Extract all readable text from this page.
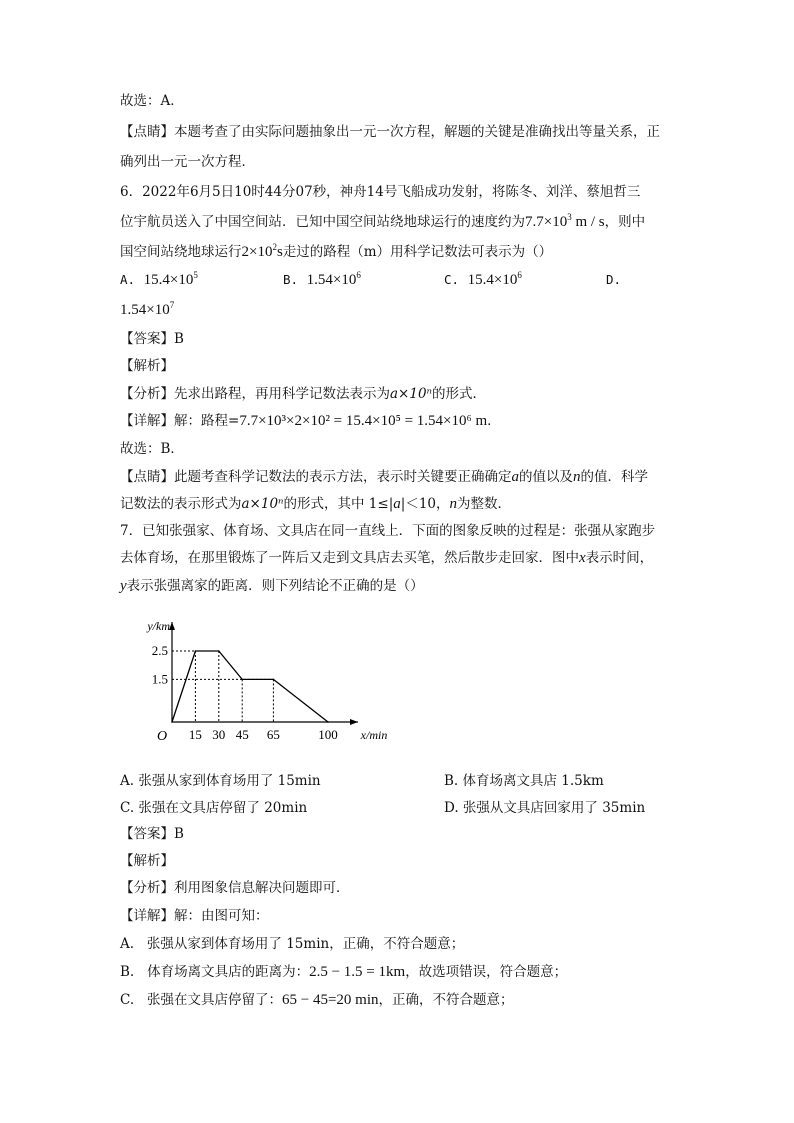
故选：A．
【点睛】本题考查了由实际问题抽象出一元一次方程，解题的关键是准确找出等量关系，正
确列出一元一次方程．
6．2022年6月5日10时44分07秒，神舟14号飞船成功发射，将陈冬、刘洋、蔡旭哲三
位宇航员送入了中国空间站．已知中国空间站绕地球运行的速度约为$7.7\times 10^3$ m / s，则中
国空间站绕地球运行$2\times 10^2s$走过的路程（m）用科学记数法可表示为（）
A. $15.4\times 10^5$	B. $1.54\times 10^6$	C. $15.4\times 10^6$	D.
$1.54\times 10^7$
【答案】B
【解析】
【分析】先求出路程，再用科学记数法表示为a×10ⁿ的形式．
【详解】解：路程=7.7×10³×2×10² = 15.4×10⁵ = 1.54×10⁶ m．
故选：B．
【点睛】此题考查科学记数法的表示方法，表示时关键要正确确定a的值以及n的值．科学
记数法的表示形式为a×10ⁿ的形式，其中 1≤|a|＜10，n为整数．
7．已知张强家、体育场、文具店在同一直线上．下面的图象反映的过程是：张强从家跑步
去体育场，在那里锻炼了一阵后又走到文具店去买笔，然后散步走回家．图中x表示时间，
y表示张强离家的距离．则下列结论不正确的是（）
15 30 45 65	100
2.5
1.5
O
y/km
x/min
A. 张强从家到体育场用了 15min	B. 体育场离文具店 1.5km
C. 张强在文具店停留了 20min	D. 张强从文具店回家用了 35min
【答案】B
【解析】
【分析】利用图象信息解决问题即可．
【详解】解：由图可知：
A. 张强从家到体育场用了 15min，正确，不符合题意；
B. 体育场离文具店的距离为：2.5 − 1.5 = 1km，故选项错误，符合题意；
C. 张强在文具店停留了：65 − 45=20 min，正确，不符合题意；
